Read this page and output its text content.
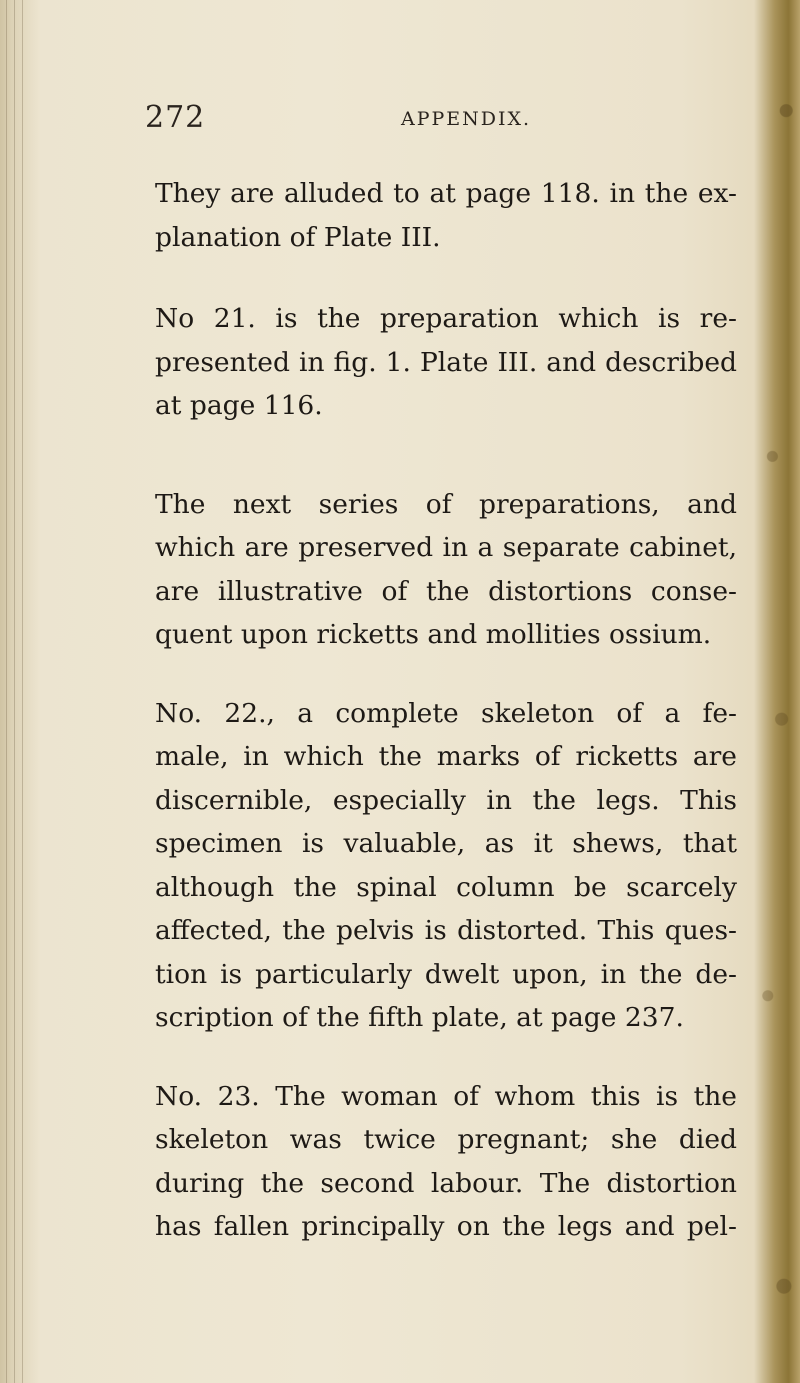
272	APPENDIX.

They are alluded to at page 118. in the ex-
planation of Plate III.

No 21. is the preparation which is re-
presented in fig. 1. Plate III. and described
at page 116.

The next series of preparations, and
which are preserved in a separate cabinet,
are illustrative of the distortions conse-
quent upon ricketts and mollities ossium.

No. 22., a complete skeleton of a fe-
male, in which the marks of ricketts are
discernible, especially in the legs. This
specimen is valuable, as it shews, that
although the spinal column be scarcely
affected, the pelvis is distorted. This ques-
tion is particularly dwelt upon, in the de-
scription of the fifth plate, at page 237.

No. 23. The woman of whom this is the
skeleton was twice pregnant; she died
during the second labour. The distortion
has fallen principally on the legs and pel-
